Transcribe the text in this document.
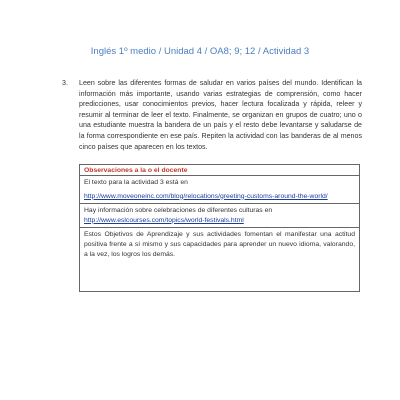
Inglés 1º medio / Unidad 4 / OA8; 9; 12 / Actividad 3
3. Leen sobre las diferentes formas de saludar en varios países del mundo. Identifican la información más importante, usando varias estrategias de comprensión, como hacer predicciones, usar conocimientos previos, hacer lectura focalizada y rápida, releer y resumir al terminar de leer el texto. Finalmente, se organizan en grupos de cuatro; uno o una estudiante muestra la bandera de un país y el resto debe levantarse y saludarse de la forma correspondiente en ese país. Repiten la actividad con las banderas de al menos cinco países que aparecen en los textos.
Observaciones a la o el docente
El texto para la actividad 3 está en
http://www.moveoneinc.com/blog/relocations/greeting-customs-around-the-world/
Hay información sobre celebraciones de diferentes culturas en
http://www.eslcourses.com/topics/world-festivals.html
Estos Objetivos de Aprendizaje y sus actividades fomentan el manifestar una actitud positiva frente a sí mismo y sus capacidades para aprender un nuevo idioma, valorando, a la vez, los logros los demás.
